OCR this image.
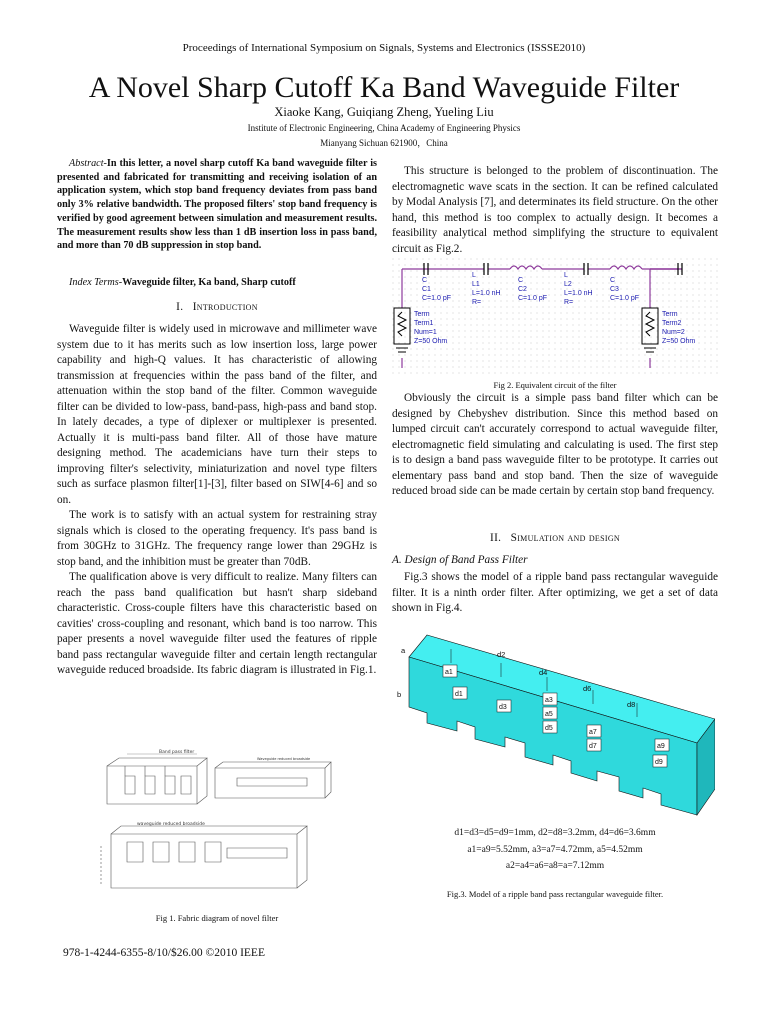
Proceedings of International Symposium on Signals, Systems and Electronics (ISSSE2010)
A Novel Sharp Cutoff Ka Band Waveguide Filter
Xiaoke Kang, Guiqiang Zheng, Yueling Liu
Institute of Electronic Engineering, China Academy of Engineering Physics
Mianyang Sichuan 621900，China
Abstract-In this letter, a novel sharp cutoff Ka band waveguide filter is presented and fabricated for transmitting and receiving isolation of an application system, which stop band frequency deviates from pass band only 3% relative bandwidth. The proposed filters' stop band frequency is verified by good agreement between simulation and measurement results. The measurement results show less than 1 dB insertion loss in pass band, and more than 70 dB suppression in stop band.
Index Terms-Waveguide filter, Ka band, Sharp cutoff
I. Introduction

Waveguide filter is widely used in microwave and millimeter wave system due to it has merits such as low insertion loss, large power capability and high-Q values. It has characteristic of allowing transmission at frequencies within the pass band of the filter, and attenuation within the stop band of the filter. Common waveguide filter can be divided to low-pass, band-pass, high-pass and band stop. In lately decades, a type of diplexer or multiplexer is presented. Actually it is multi-pass band filter. All of those have mature designing method. The academicians have turn their steps to improving filter's selectivity, miniaturization and novel type filters such as surface plasmon filter[1]-[3], filter based on SIW[4-6] and so on.

The work is to satisfy with an actual system for restraining stray signals which is closed to the operating frequency. It's pass band is from 30GHz to 31GHz. The frequency range lower than 29GHz is stop band, and the inhibition must be greater than 70dB.

The qualification above is very difficult to realize. Many filters can reach the pass band qualification but hasn't sharp sideband characteristic. Cross-couple filters have this characteristic based on cavities' cross-coupling and resonant, which band is too narrow. This paper presents a novel waveguide filter used the features of ripple band pass rectangular waveguide filter and certain length rectangular waveguide reduced broadside. Its fabric diagram is illustrated in Fig.1.

Band pass filter
Waveguide reduced broadside
waveguide reduced broadside
Fig 1. Fabric diagram of novel filter

This structure is belonged to the problem of discontinuation. The electromagnetic wave scats in the section. It can be refined calculated by Modal Analysis [7], and determinates its field structure. On the other hand, this method is too complex to actually design. It becomes a feasibility analytical method simplifying the structure to equivalent circuit as Fig.2.

C
C1
C=1.0 pF
L
L1
L=1.0 nH
R=
C
C2
C=1.0 pF
L
L2
L=1.0 nH
R=
C
C3
C=1.0 pF
Term
Term1
Num=1
Z=50 Ohm
Term
Term2
Num=2
Z=50 Ohm
Fig 2. Equivalent circuit of the filter

Obviously the circuit is a simple pass band filter which can be designed by Chebyshev distribution. Since this method based on lumped circuit can't accurately correspond to actual waveguide filter, electromagnetic field simulating and calculating is used. The first step is to design a band pass waveguide filter to be prototype. It carries out elementary pass band and stop band. Then the size of waveguide reduced broad side can be made certain by certain stop band frequency.

II. Simulation and design
A. Design of Band Pass Filter

Fig.3 shows the model of a ripple band pass rectangular waveguide filter. It is a ninth order filter. After optimizing, we get a set of data shown in Fig.4.

a
b
d2
d4
d6
d8
a1
d1
d3
a3
a5
d5
a7
d7	a9
d9
d1=d3=d5=d9=1mm, d2=d8=3.2mm, d4=d6=3.6mm
a1=a9=5.52mm, a3=a7=4.72mm, a5=4.52mm
a2=a4=a6=a8=a=7.12mm
Fig.3. Model of a ripple band pass rectangular waveguide filter.
978-1-4244-6355-8/10/$26.00 ©2010 IEEE
